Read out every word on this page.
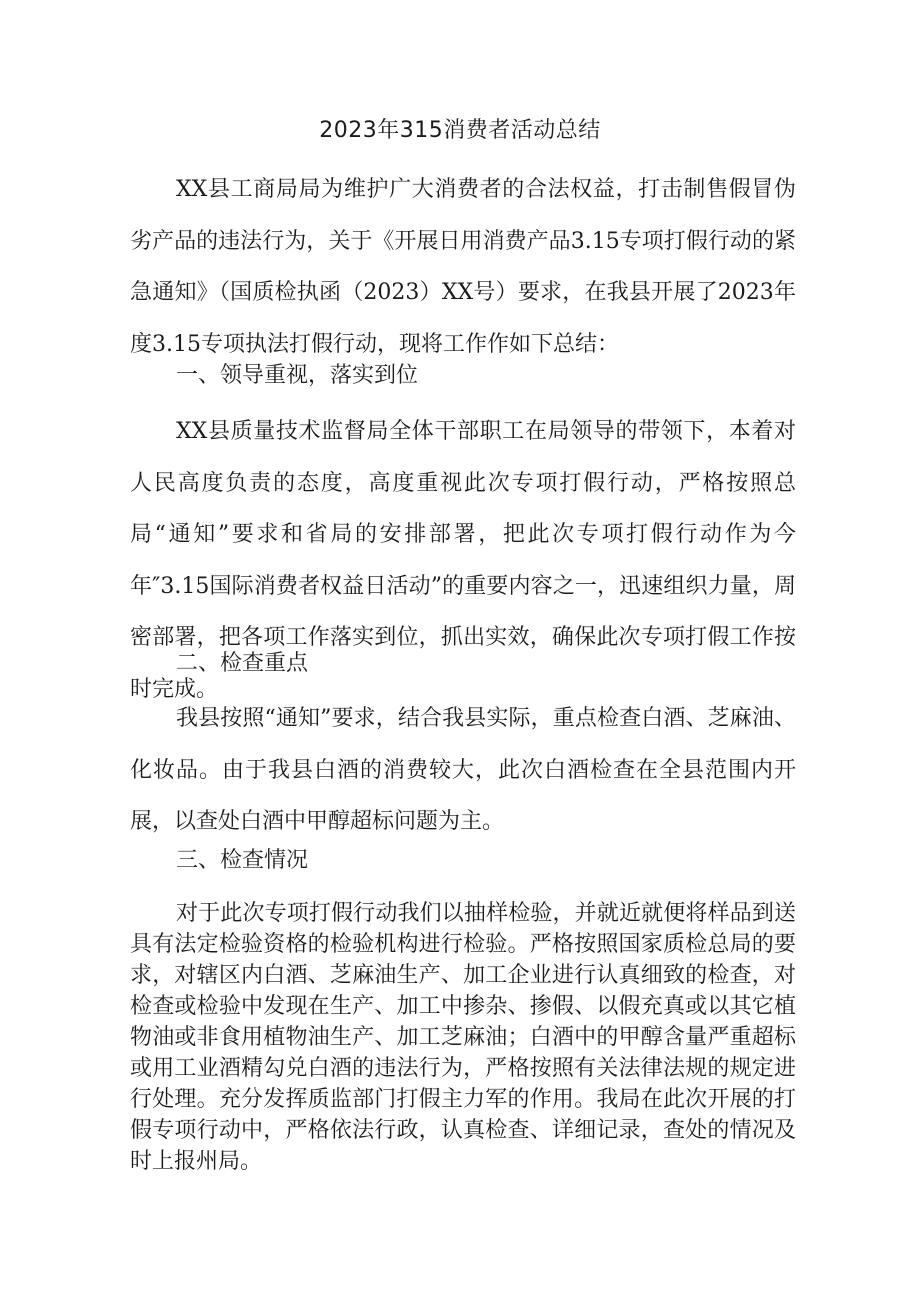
2023年315消费者活动总结

XX县工商局局为维护广大消费者的合法权益，打击制售假冒伪劣产品的违法行为，关于《开展日用消费产品3.15专项打假行动的紧急通知》（国质检执函（2023）XX号）要求，在我县开展了2023年度3.15专项执法打假行动，现将工作作如下总结：

一、领导重视，落实到位

XX县质量技术监督局全体干部职工在局领导的带领下，本着对人民高度负责的态度，高度重视此次专项打假行动，严格按照总局“通知”要求和省局的安排部署，把此次专项打假行动作为今年″3.15国际消费者权益日活动”的重要内容之一，迅速组织力量，周密部署，把各项工作落实到位，抓出实效，确保此次专项打假工作按时完成。

二、检查重点

我县按照“通知”要求，结合我县实际，重点检查白酒、芝麻油、化妆品。由于我县白酒的消费较大，此次白酒检查在全县范围内开展，以查处白酒中甲醇超标问题为主。

三、检查情况

对于此次专项打假行动我们以抽样检验，并就近就便将样品到送具有法定检验资格的检验机构进行检验。严格按照国家质检总局的要求，对辖区内白酒、芝麻油生产、加工企业进行认真细致的检查，对检查或检验中发现在生产、加工中掺杂、掺假、以假充真或以其它植物油或非食用植物油生产、加工芝麻油；白酒中的甲醇含量严重超标或用工业酒精勾兑白酒的违法行为，严格按照有关法律法规的规定进行处理。充分发挥质监部门打假主力军的作用。我局在此次开展的打假专项行动中，严格依法行政，认真检查、详细记录，查处的情况及时上报州局。
